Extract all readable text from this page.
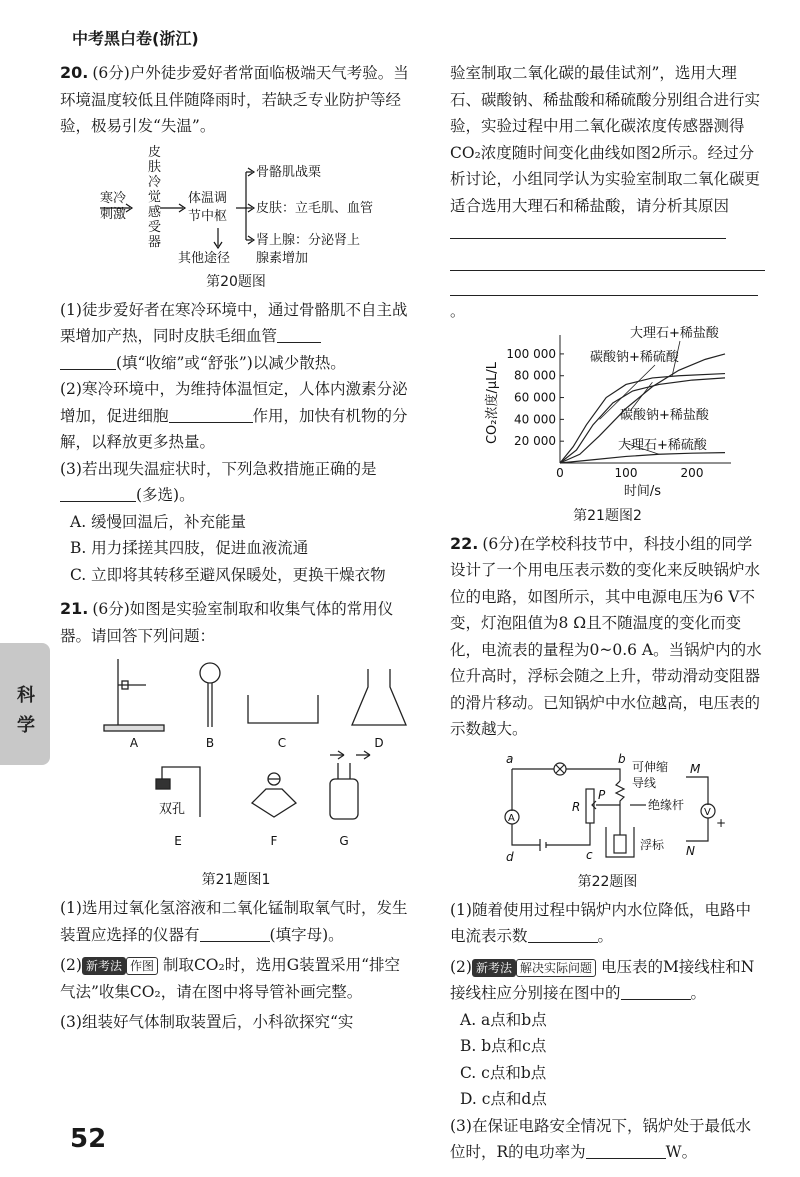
中考黑白卷(浙江)

20. (6分)户外徒步爱好者常面临极端天气考验。当环境温度较低且伴随降雨时，若缺乏专业防护等经验，极易引发“失温”。

寒冷
刺激
皮
肤
冷
觉
感
受
器
体温调
节中枢
骨骼肌战栗
皮肤：立毛肌、血管
肾上腺：分泌肾上
腺素增加
其他途径
第20题图

(1)徒步爱好者在寒冷环境中，通过骨骼肌不自主战栗增加产热，同时皮肤毛细血管
(填“收缩”或“舒张”)以减少散热。

(2)寒冷环境中，为维持体温恒定，人体内激素分泌增加，促进细胞	作用，加快有机物的分解，以释放更多热量。

(3)若出现失温症状时，下列急救措施正确的是(多选)。

A. 缓慢回温后，补充能量

B. 用力揉搓其四肢，促进血液流通

C. 立即将其转移至避风保暖处，更换干燥衣物

21. (6分)如图是实验室制取和收集气体的常用仪器。请回答下列问题：

A	B	C	D
E	F	G
双孔
第21题图1

(1)选用过氧化氢溶液和二氧化锰制取氧气时，发生装置应选择的仪器有	(填字母)。

(2) 新考法 作图 制取CO₂时，选用G装置采用“排空气法”收集CO₂，请在图中将导管补画完整。

(3)组装好气体制取装置后，小科欲探究“实

验室制取二氧化碳的最佳试剂”，选用大理石、碳酸钠、稀盐酸和稀硫酸分别组合进行实验，实验过程中用二氧化碳浓度传感器测得CO₂浓度随时间变化曲线如图2所示。经过分析讨论，小组同学认为实验室制取二氧化碳更适合选用大理石和稀盐酸，请分析其原因

。
20 000
40 000
60 000
80 000
100 000
0	100	200
时间/s
CO₂浓度/μL/L
大理石+稀盐酸
碳酸钠+稀硫酸
碳酸钠+稀盐酸
大理石+稀硫酸
第21题图2

22. (6分)在学校科技节中，科技小组的同学设计了一个用电压表示数的变化来反映锅炉水位的电路，如图所示，其中电源电压为6 V不变，灯泡阻值为8 Ω且不随温度的变化而变化，电流表的量程为0~0.6 A。当锅炉内的水位升高时，浮标会随之上升，带动滑动变阻器的滑片移动。已知锅炉中水位越高，电压表的示数越大。

a	b
c
d
P
R
M
N
V
A	+
可伸缩
导线
绝缘杆
浮标
第22题图

(1)随着使用过程中锅炉内水位降低，电路中电流表示数	。

(2) 新考法 解决实际问题 电压表的M接线柱和N接线柱应分别接在图中的	。

A. a点和b点

B. b点和c点

C. c点和b点

D. c点和d点

(3)在保证电路安全情况下，锅炉处于最低水位时，R的电功率为	W。

科
学
52
